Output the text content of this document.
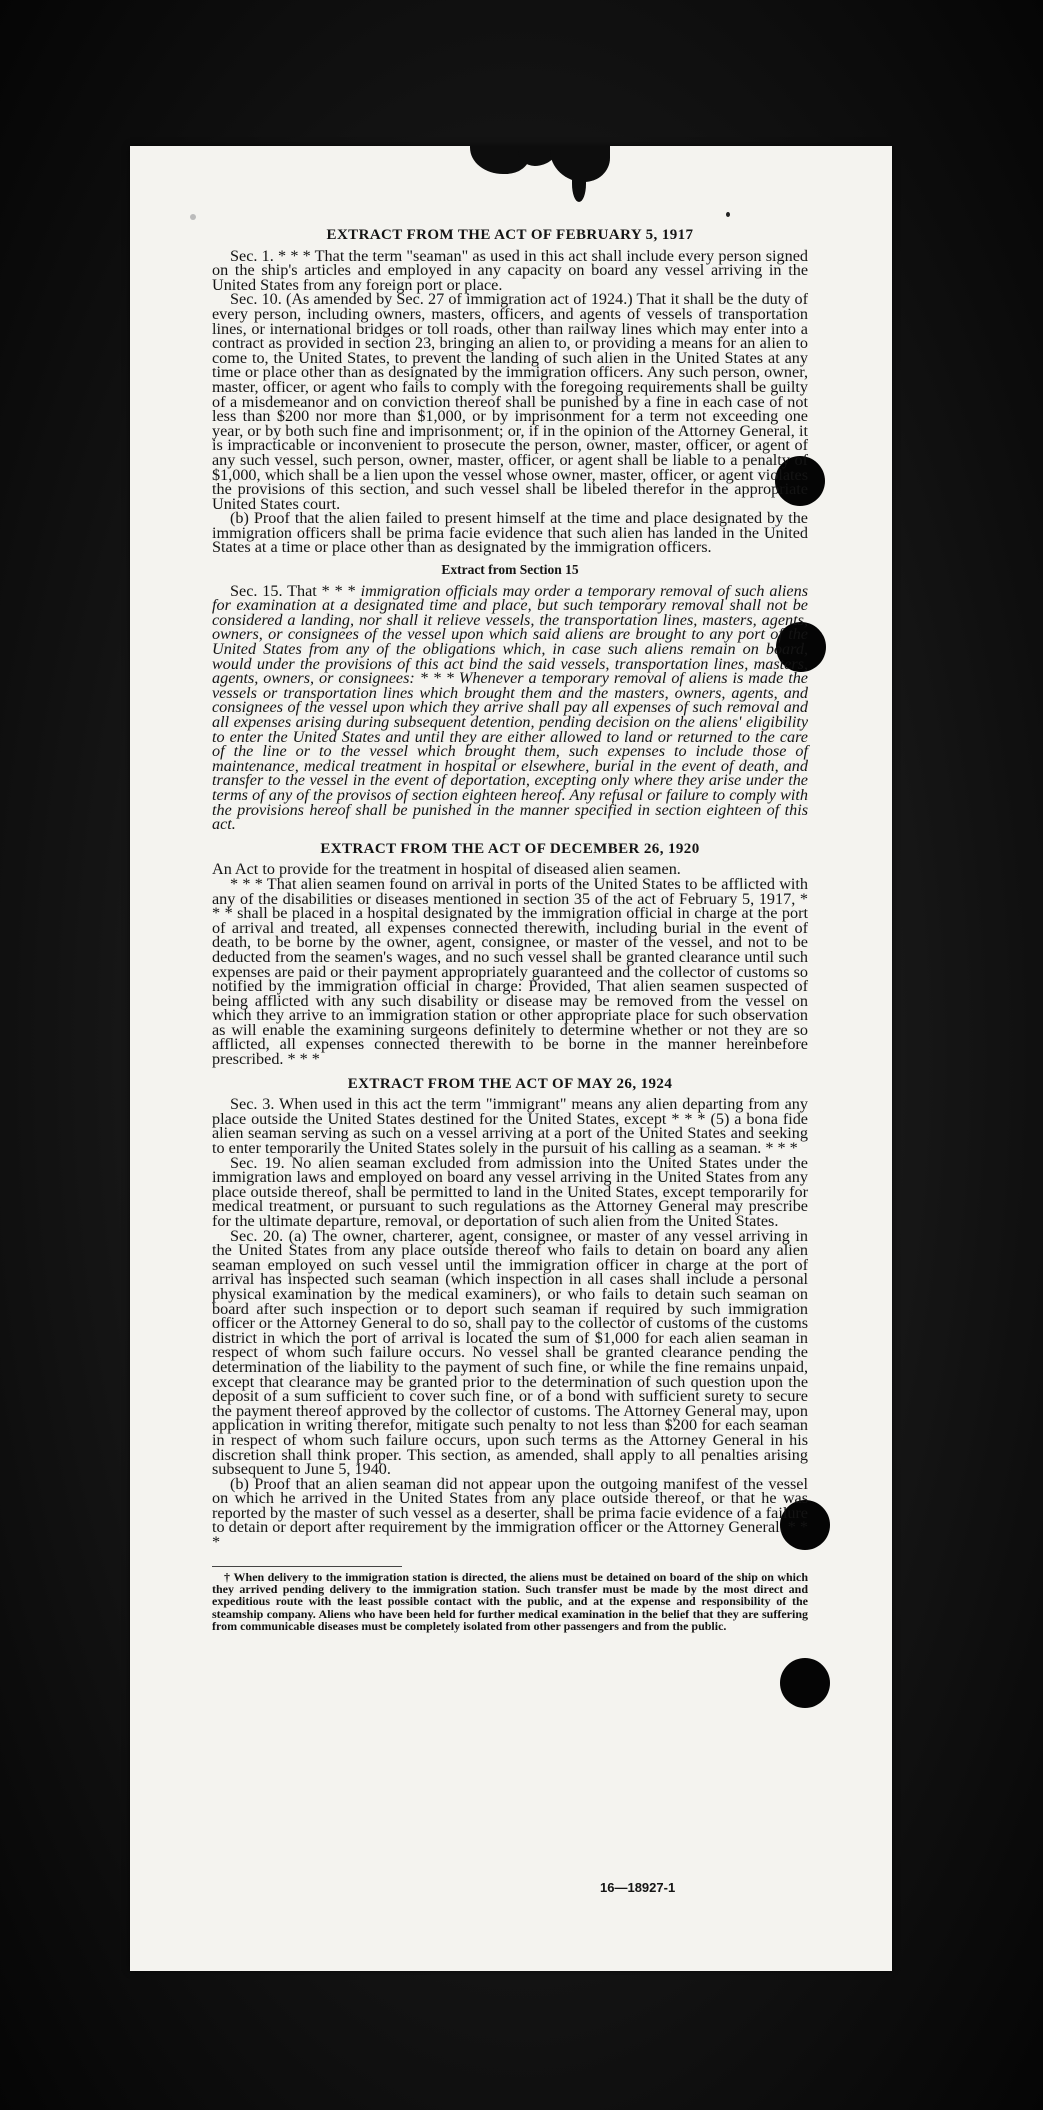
EXTRACT FROM THE ACT OF FEBRUARY 5, 1917

Sec. 1. * * * That the term "seaman" as used in this act shall include every person signed on the ship's articles and employed in any capacity on board any vessel arriving in the United States from any foreign port or place.

Sec. 10. (As amended by Sec. 27 of immigration act of 1924.) That it shall be the duty of every person, including owners, masters, officers, and agents of vessels of transportation lines, or international bridges or toll roads, other than railway lines which may enter into a contract as provided in section 23, bringing an alien to, or providing a means for an alien to come to, the United States, to prevent the landing of such alien in the United States at any time or place other than as designated by the immigration officers. Any such person, owner, master, officer, or agent who fails to comply with the foregoing requirements shall be guilty of a misdemeanor and on conviction thereof shall be punished by a fine in each case of not less than $200 nor more than $1,000, or by imprisonment for a term not exceeding one year, or by both such fine and imprisonment; or, if in the opinion of the Attorney General, it is impracticable or inconvenient to prosecute the person, owner, master, officer, or agent of any such vessel, such person, owner, master, officer, or agent shall be liable to a penalty of $1,000, which shall be a lien upon the vessel whose owner, master, officer, or agent violates the provisions of this section, and such vessel shall be libeled therefor in the appropriate United States court.

(b) Proof that the alien failed to present himself at the time and place designated by the immigration officers shall be prima facie evidence that such alien has landed in the United States at a time or place other than as designated by the immigration officers.

Extract from Section 15

Sec. 15. That * * * immigration officials may order a temporary removal of such aliens for examination at a designated time and place, but such temporary removal shall not be considered a landing, nor shall it relieve vessels, the transportation lines, masters, agents, owners, or consignees of the vessel upon which said aliens are brought to any port of the United States from any of the obligations which, in case such aliens remain on board, would under the provisions of this act bind the said vessels, transportation lines, masters, agents, owners, or consignees: * * * Whenever a temporary removal of aliens is made the vessels or transportation lines which brought them and the masters, owners, agents, and consignees of the vessel upon which they arrive shall pay all expenses of such removal and all expenses arising during subsequent detention, pending decision on the aliens' eligibility to enter the United States and until they are either allowed to land or returned to the care of the line or to the vessel which brought them, such expenses to include those of maintenance, medical treatment in hospital or elsewhere, burial in the event of death, and transfer to the vessel in the event of deportation, excepting only where they arise under the terms of any of the provisos of section eighteen hereof. Any refusal or failure to comply with the provisions hereof shall be punished in the manner specified in section eighteen of this act.

EXTRACT FROM THE ACT OF DECEMBER 26, 1920

An Act to provide for the treatment in hospital of diseased alien seamen.

* * * That alien seamen found on arrival in ports of the United States to be afflicted with any of the disabilities or diseases mentioned in section 35 of the act of February 5, 1917, * * * shall be placed in a hospital designated by the immigration official in charge at the port of arrival and treated, all expenses connected therewith, including burial in the event of death, to be borne by the owner, agent, consignee, or master of the vessel, and not to be deducted from the seamen's wages, and no such vessel shall be granted clearance until such expenses are paid or their payment appropriately guaranteed and the collector of customs so notified by the immigration official in charge: Provided, That alien seamen suspected of being afflicted with any such disability or disease may be removed from the vessel on which they arrive to an immigration station or other appropriate place for such observation as will enable the examining surgeons definitely to determine whether or not they are so afflicted, all expenses connected therewith to be borne in the manner hereinbefore prescribed. * * *

EXTRACT FROM THE ACT OF MAY 26, 1924

Sec. 3. When used in this act the term "immigrant" means any alien departing from any place outside the United States destined for the United States, except * * * (5) a bona fide alien seaman serving as such on a vessel arriving at a port of the United States and seeking to enter temporarily the United States solely in the pursuit of his calling as a seaman. * * *

Sec. 19. No alien seaman excluded from admission into the United States under the immigration laws and employed on board any vessel arriving in the United States from any place outside thereof, shall be permitted to land in the United States, except temporarily for medical treatment, or pursuant to such regulations as the Attorney General may prescribe for the ultimate departure, removal, or deportation of such alien from the United States.

Sec. 20. (a) The owner, charterer, agent, consignee, or master of any vessel arriving in the United States from any place outside thereof who fails to detain on board any alien seaman employed on such vessel until the immigration officer in charge at the port of arrival has inspected such seaman (which inspection in all cases shall include a personal physical examination by the medical examiners), or who fails to detain such seaman on board after such inspection or to deport such seaman if required by such immigration officer or the Attorney General to do so, shall pay to the collector of customs of the customs district in which the port of arrival is located the sum of $1,000 for each alien seaman in respect of whom such failure occurs. No vessel shall be granted clearance pending the determination of the liability to the payment of such fine, or while the fine remains unpaid, except that clearance may be granted prior to the determination of such question upon the deposit of a sum sufficient to cover such fine, or of a bond with sufficient surety to secure the payment thereof approved by the collector of customs. The Attorney General may, upon application in writing therefor, mitigate such penalty to not less than $200 for each seaman in respect of whom such failure occurs, upon such terms as the Attorney General in his discretion shall think proper. This section, as amended, shall apply to all penalties arising subsequent to June 5, 1940.

(b) Proof that an alien seaman did not appear upon the outgoing manifest of the vessel on which he arrived in the United States from any place outside thereof, or that he was reported by the master of such vessel as a deserter, shall be prima facie evidence of a failure to detain or deport after requirement by the immigration officer or the Attorney General. * * *

† When delivery to the immigration station is directed, the aliens must be detained on board of the ship on which they arrived pending delivery to the immigration station. Such transfer must be made by the most direct and expeditious route with the least possible contact with the public, and at the expense and responsibility of the steamship company. Aliens who have been held for further medical examination in the belief that they are suffering from communicable diseases must be completely isolated from other passengers and from the public.

16—18927-1
